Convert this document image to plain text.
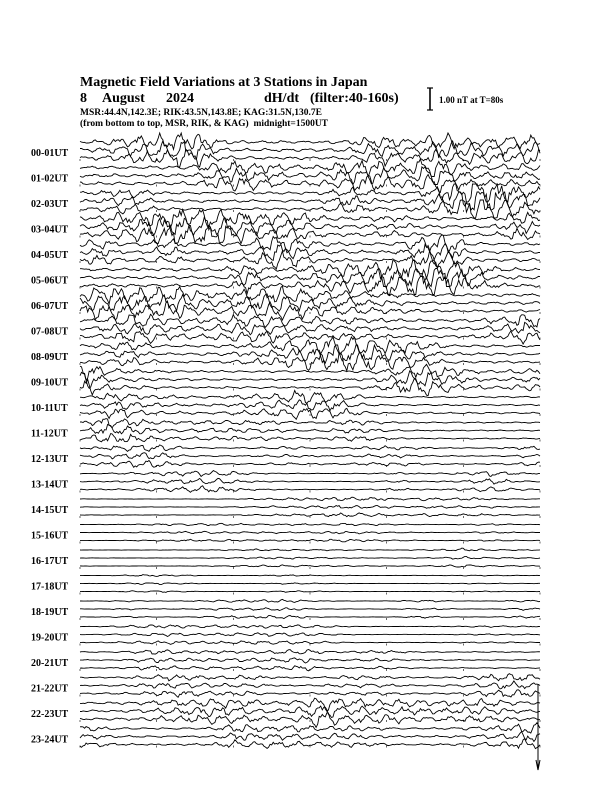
Magnetic Field Variations at 3 Stations in Japan
8 August 2024	dH/dt (filter:40-160s)
MSR:44.4N,142.3E; RIK:43.5N,143.8E; KAG:31.5N,130.7E
(from bottom to top, MSR, RIK, & KAG)  midnight=1500UT
1.00 nT at T=80s
00-01UT
01-02UT
02-03UT
03-04UT
04-05UT
05-06UT
06-07UT
07-08UT
08-09UT
09-10UT
10-11UT
11-12UT
12-13UT
13-14UT
14-15UT
15-16UT
16-17UT
17-18UT
18-19UT
19-20UT
20-21UT
21-22UT
22-23UT
23-24UT
